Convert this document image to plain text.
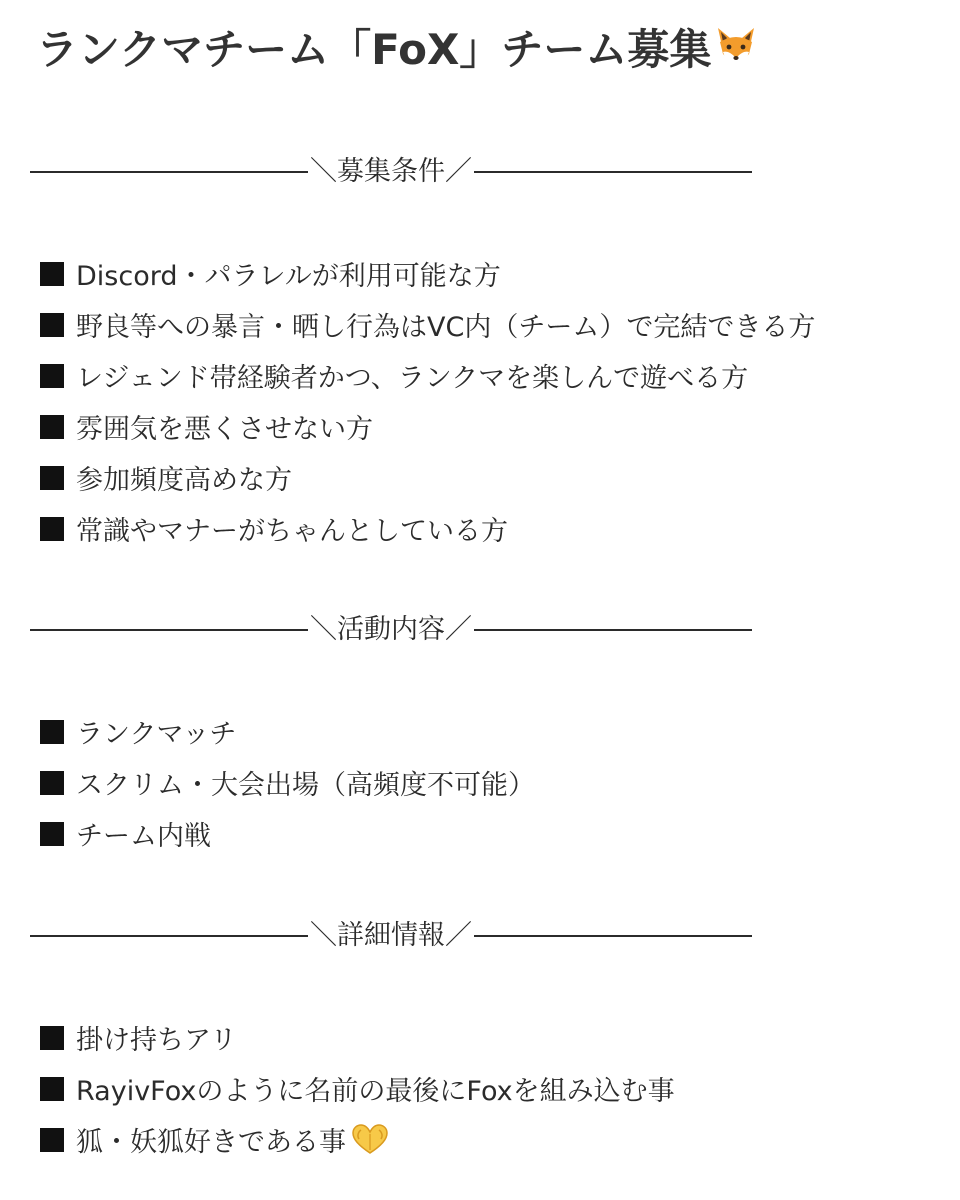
ランクマチーム「FoX」チーム募集
＼募集条件／
Discord・パラレルが利用可能な方
野良等への暴言・晒し行為はVC内（チーム）で完結できる方
レジェンド帯経験者かつ、ランクマを楽しんで遊べる方
雰囲気を悪くさせない方
参加頻度高めな方
常識やマナーがちゃんとしている方
＼活動内容／
ランクマッチ
スクリム・大会出場（高頻度不可能）
チーム内戦
＼詳細情報／
掛け持ちアリ
RayivFoxのように名前の最後にFoxを組み込む事
狐・妖狐好きである事
